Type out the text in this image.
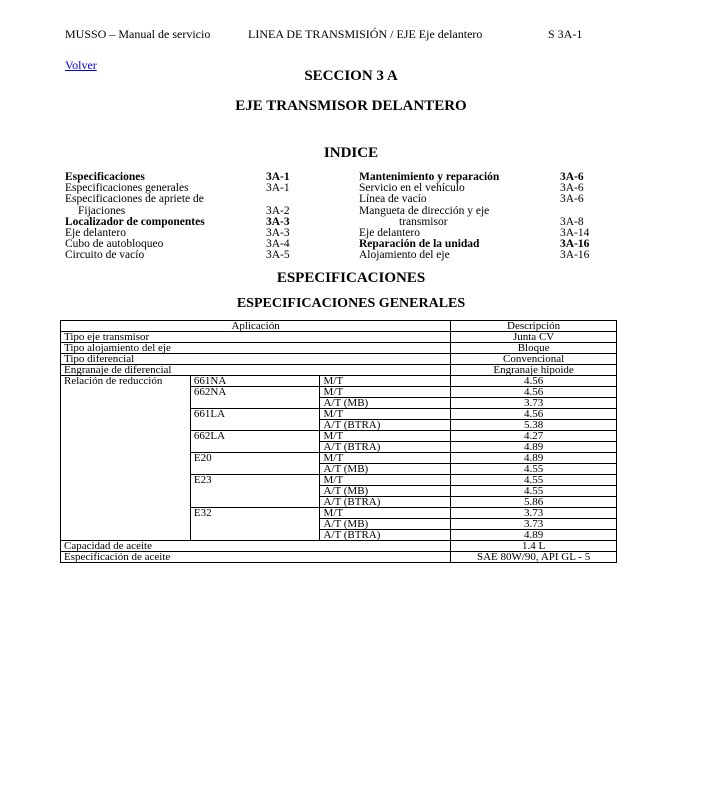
MUSSO – Manual de servicio	LINEA DE TRANSMISIÓN / EJE Eje delantero	S 3A-1
Volver
SECCION 3 A
EJE TRANSMISOR DELANTERO
INDICE
Especificaciones	3A-1
Especificaciones generales	3A-1
Especificaciones de apriete de
Fijaciones	3A-2
Localizador de componentes	3A-3
Eje delantero	3A-3
Cubo de autobloqueo	3A-4
Circuito de vacío	3A-5
Mantenimiento y reparación	3A-6
Servicio en el vehículo	3A-6
Línea de vacío	3A-6
Mangueta de dirección y eje
transmisor	3A-8
Eje delantero	3A-14
Reparación de la unidad	3A-16
Alojamiento del eje	3A-16
ESPECIFICACIONES
ESPECIFICACIONES GENERALES
Aplicación			Descripción
Tipo eje transmisor			Junta CV
Tipo alojamiento del eje			Bloque
Tipo diferencial			Convencional
Engranaje de diferencial			Engranaje hipoide
Relación de reducción	661NA	M/T	4.56
	662NA	M/T	4.56
		A/T (MB)	3.73
	661LA	M/T	4.56
		A/T (BTRA)	5.38
	662LA	M/T	4.27
		A/T (BTRA)	4.89
	E20	M/T	4.89
		A/T (MB)	4.55
	E23	M/T	4.55
		A/T (MB)	4.55
		A/T (BTRA)	5.86
	E32	M/T	3.73
		A/T (MB)	3.73
		A/T (BTRA)	4.89
Capacidad de aceite			1.4 L
Especificación de aceite			SAE 80W/90, API GL - 5
